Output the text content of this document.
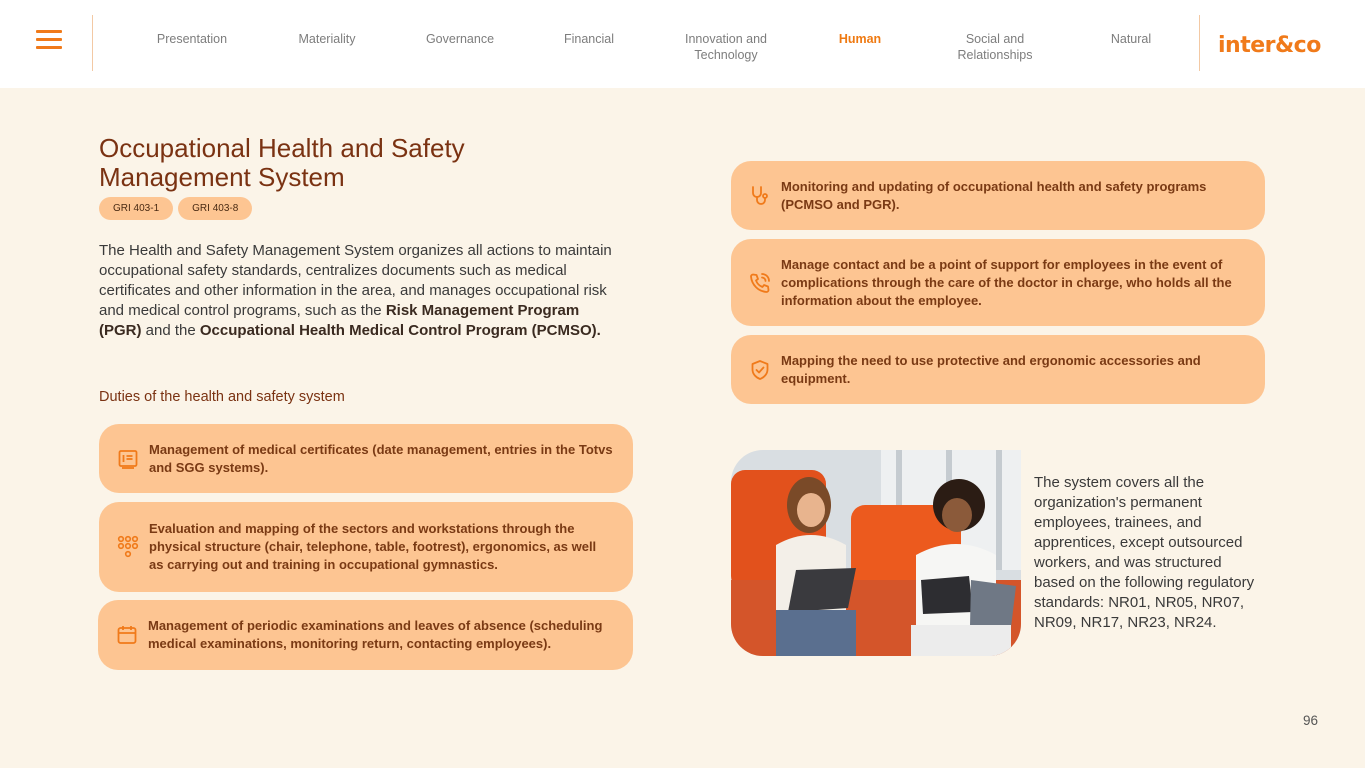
Presentation	Materiality	Governance	Financial	Innovation and Technology
Human	Social and Relationships
Natural	inter&co
Occupational Health and Safety Management System
GRI 403-1	GRI 403-8

The Health and Safety Management System organizes all actions to maintain occupational safety standards, centralizes documents such as medical certificates and other information in the area, and manages occupational risk and medical control programs, such as the Risk Management Program (PGR) and the Occupational Health Medical Control Program (PCMSO).

Duties of the health and safety system
Management of medical certificates (date management, entries in the Totvs and SGG systems).
Evaluation and mapping of the sectors and workstations through the physical structure (chair, telephone, table, footrest), ergonomics, as well as carrying out and training in occupational gymnastics.
Management of periodic examinations and leaves of absence (scheduling medical examinations, monitoring return, contacting employees).
Monitoring and updating of occupational health and safety programs (PCMSO and PGR).
Manage contact and be a point of support for employees in the event of complications through the care of the doctor in charge, who holds all the information about the employee.
Mapping the need to use protective and ergonomic accessories and equipment.

The system covers all the organization's permanent employees, trainees, and apprentices, except outsourced workers, and was structured based on the following regulatory standards: NR01, NR05, NR07, NR09, NR17, NR23, NR24.

96
